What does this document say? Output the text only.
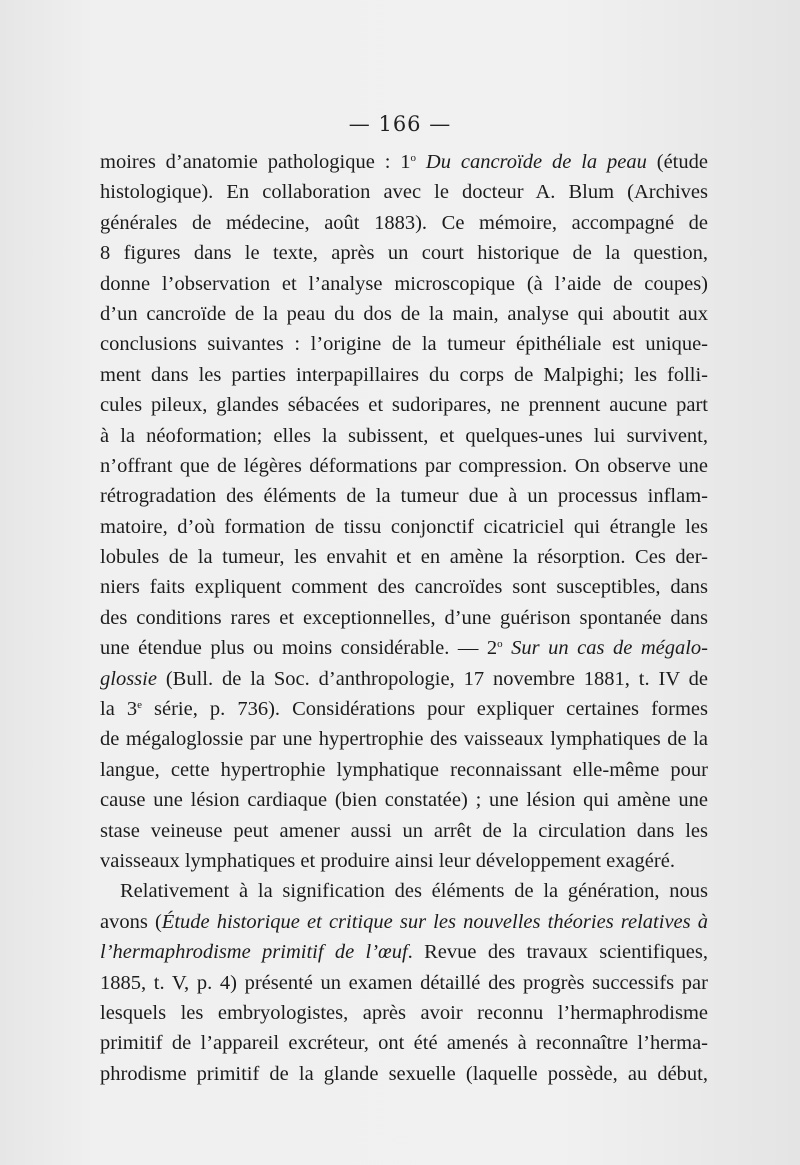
— 166 —
moires d’anatomie pathologique : 1$^o$ Du cancroïde de la peau (étude
histologique). En collaboration avec le docteur A. Blum (Archives
générales de médecine, août 1883). Ce mémoire, accompagné de
8 figures dans le texte, après un court historique de la question,
donne l’observation et l’analyse microscopique (à l’aide de coupes)
d’un cancroïde de la peau du dos de la main, analyse qui aboutit aux
conclusions suivantes : l’origine de la tumeur épithéliale est unique-
ment dans les parties interpapillaires du corps de Malpighi; les folli-
cules pileux, glandes sébacées et sudoripares, ne prennent aucune part
à la néoformation; elles la subissent, et quelques-unes lui survivent,
n’offrant que de légères déformations par compression. On observe une
rétrogradation des éléments de la tumeur due à un processus inflam-
matoire, d’où formation de tissu conjonctif cicatriciel qui étrangle les
lobules de la tumeur, les envahit et en amène la résorption. Ces der-
niers faits expliquent comment des cancroïdes sont susceptibles, dans
des conditions rares et exceptionnelles, d’une guérison spontanée dans
une étendue plus ou moins considérable. — 2$^o$ Sur un cas de mégalo-
glossie (Bull. de la Soc. d’anthropologie, 17 novembre 1881, t. IV de
la 3e série, p. 736). Considérations pour expliquer certaines formes
de mégaloglossie par une hypertrophie des vaisseaux lymphatiques de la
langue, cette hypertrophie lymphatique reconnaissant elle-même pour
cause une lésion cardiaque (bien constatée) ; une lésion qui amène une
stase veineuse peut amener aussi un arrêt de la circulation dans les
vaisseaux lymphatiques et produire ainsi leur développement exagéré.
Relativement à la signification des éléments de la génération, nous
avons (Étude historique et critique sur les nouvelles théories relatives à
l’hermaphrodisme primitif de l’œuf. Revue des travaux scientifiques,
1885, t. V, p. 4) présenté un examen détaillé des progrès successifs par
lesquels les embryologistes, après avoir reconnu l’hermaphrodisme
primitif de l’appareil excréteur, ont été amenés à reconnaître l’herma-
phrodisme primitif de la glande sexuelle (laquelle possède, au début,
